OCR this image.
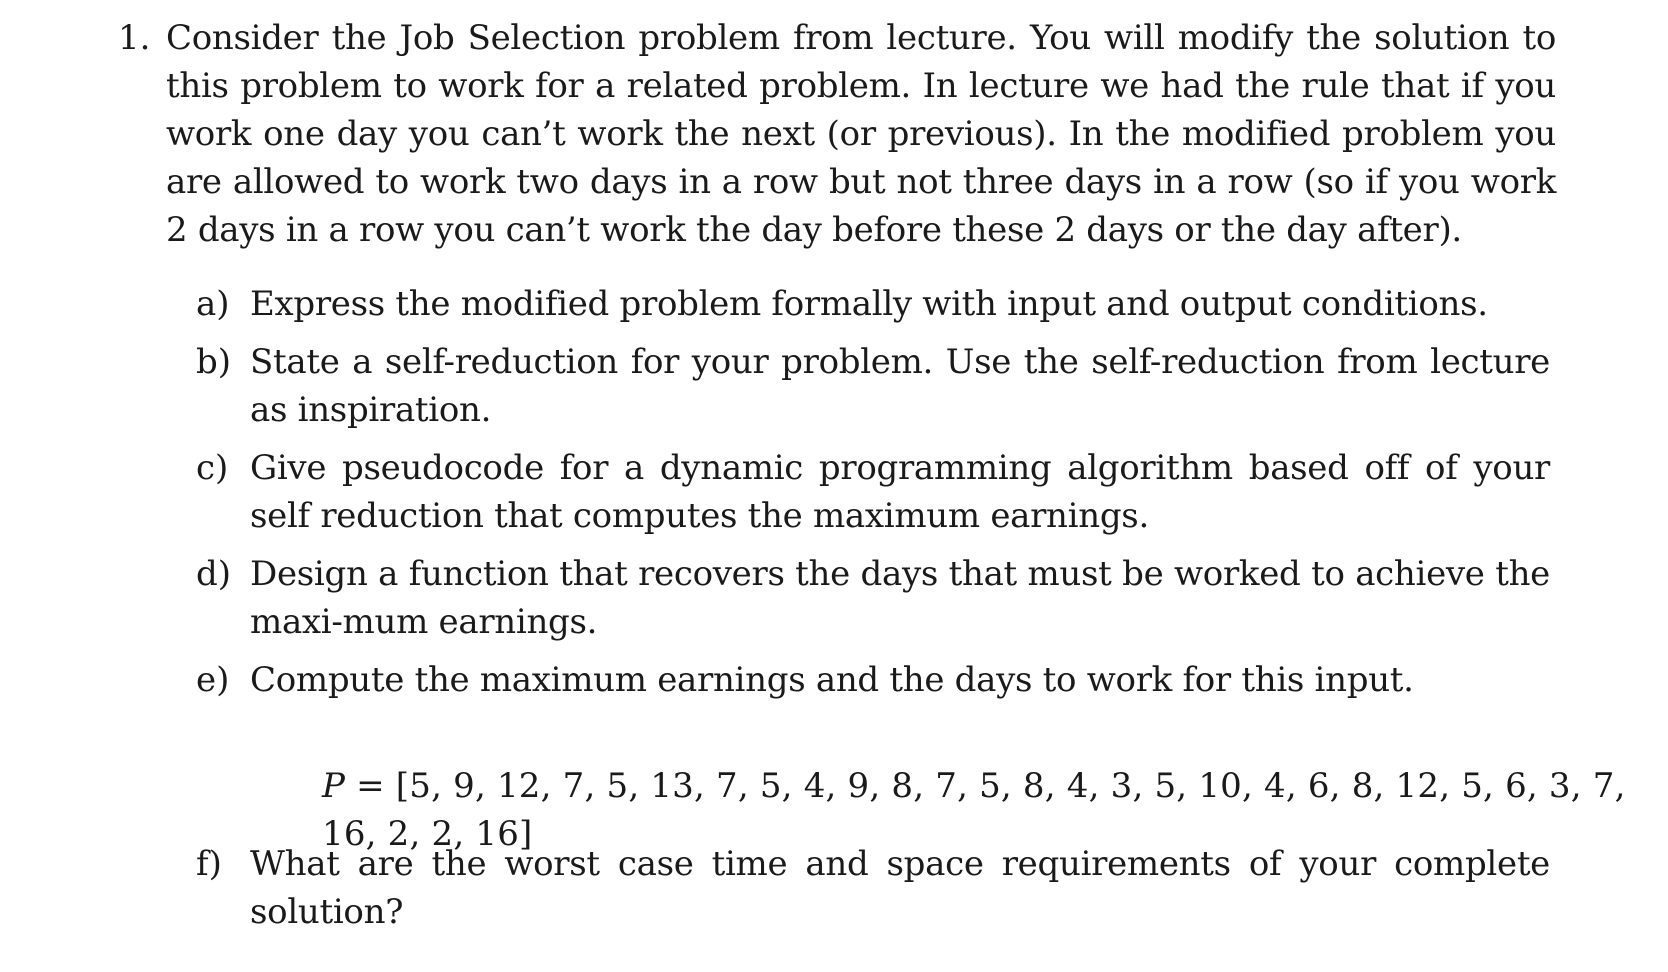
1. Consider the Job Selection problem from lecture. You will modify the solution to this problem to work for a related problem. In lecture we had the rule that if you work one day you can’t work the next (or previous). In the modified problem you are allowed to work two days in a row but not three days in a row (so if you work 2 days in a row you can’t work the day before these 2 days or the day after).
a) Express the modified problem formally with input and output conditions.
b) State a self-reduction for your problem. Use the self-reduction from lecture as inspiration.
c) Give pseudocode for a dynamic programming algorithm based off of your self reduction that computes the maximum earnings.
d) Design a function that recovers the days that must be worked to achieve the maxi-mum earnings.
e) Compute the maximum earnings and the days to work for this input.
f) What are the worst case time and space requirements of your complete solution?
P = [5, 9, 12, 7, 5, 13, 7, 5, 4, 9, 8, 7, 5, 8, 4, 3, 5, 10, 4, 6, 8, 12, 5, 6, 3, 7, 16, 2, 2, 16]
